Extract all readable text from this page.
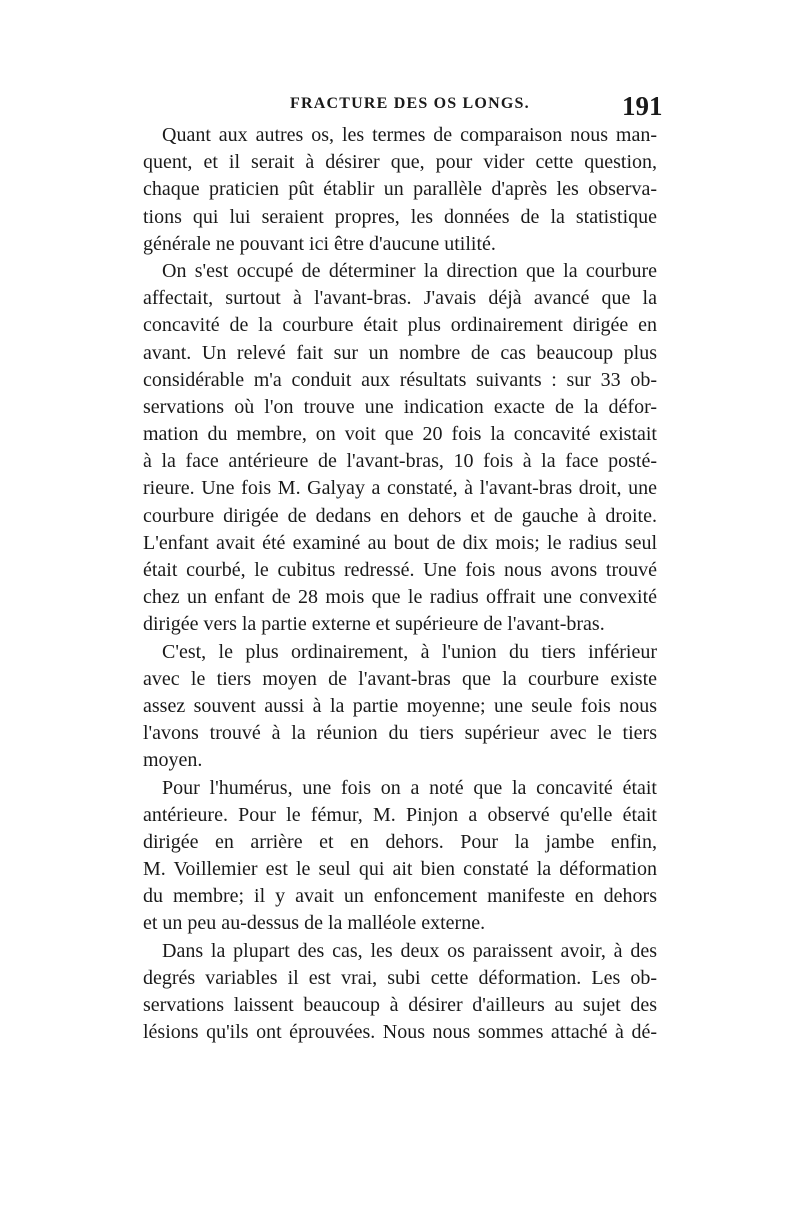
FRACTURE DES OS LONGS.	191
Quant aux autres os, les termes de comparaison nous man-
quent, et il serait à désirer que, pour vider cette question,
chaque praticien pût établir un parallèle d'après les observa-
tions qui lui seraient propres, les données de la statistique
générale ne pouvant ici être d'aucune utilité.
On s'est occupé de déterminer la direction que la courbure
affectait, surtout à l'avant-bras. J'avais déjà avancé que la
concavité de la courbure était plus ordinairement dirigée en
avant. Un relevé fait sur un nombre de cas beaucoup plus
considérable m'a conduit aux résultats suivants : sur 33 ob-
servations où l'on trouve une indication exacte de la défor-
mation du membre, on voit que 20 fois la concavité existait
à la face antérieure de l'avant-bras, 10 fois à la face posté-
rieure. Une fois M. Galyay a constaté, à l'avant-bras droit, une
courbure dirigée de dedans en dehors et de gauche à droite.
L'enfant avait été examiné au bout de dix mois; le radius seul
était courbé, le cubitus redressé. Une fois nous avons trouvé
chez un enfant de 28 mois que le radius offrait une convexité
dirigée vers la partie externe et supérieure de l'avant-bras.
C'est, le plus ordinairement, à l'union du tiers inférieur
avec le tiers moyen de l'avant-bras que la courbure existe
assez souvent aussi à la partie moyenne; une seule fois nous
l'avons trouvé à la réunion du tiers supérieur avec le tiers
moyen.
Pour l'humérus, une fois on a noté que la concavité était
antérieure. Pour le fémur, M. Pinjon a observé qu'elle était
dirigée en arrière et en dehors. Pour la jambe enfin,
M. Voillemier est le seul qui ait bien constaté la déformation
du membre; il y avait un enfoncement manifeste en dehors
et un peu au-dessus de la malléole externe.
Dans la plupart des cas, les deux os paraissent avoir, à des
degrés variables il est vrai, subi cette déformation. Les ob-
servations laissent beaucoup à désirer d'ailleurs au sujet des
lésions qu'ils ont éprouvées. Nous nous sommes attaché à dé-
